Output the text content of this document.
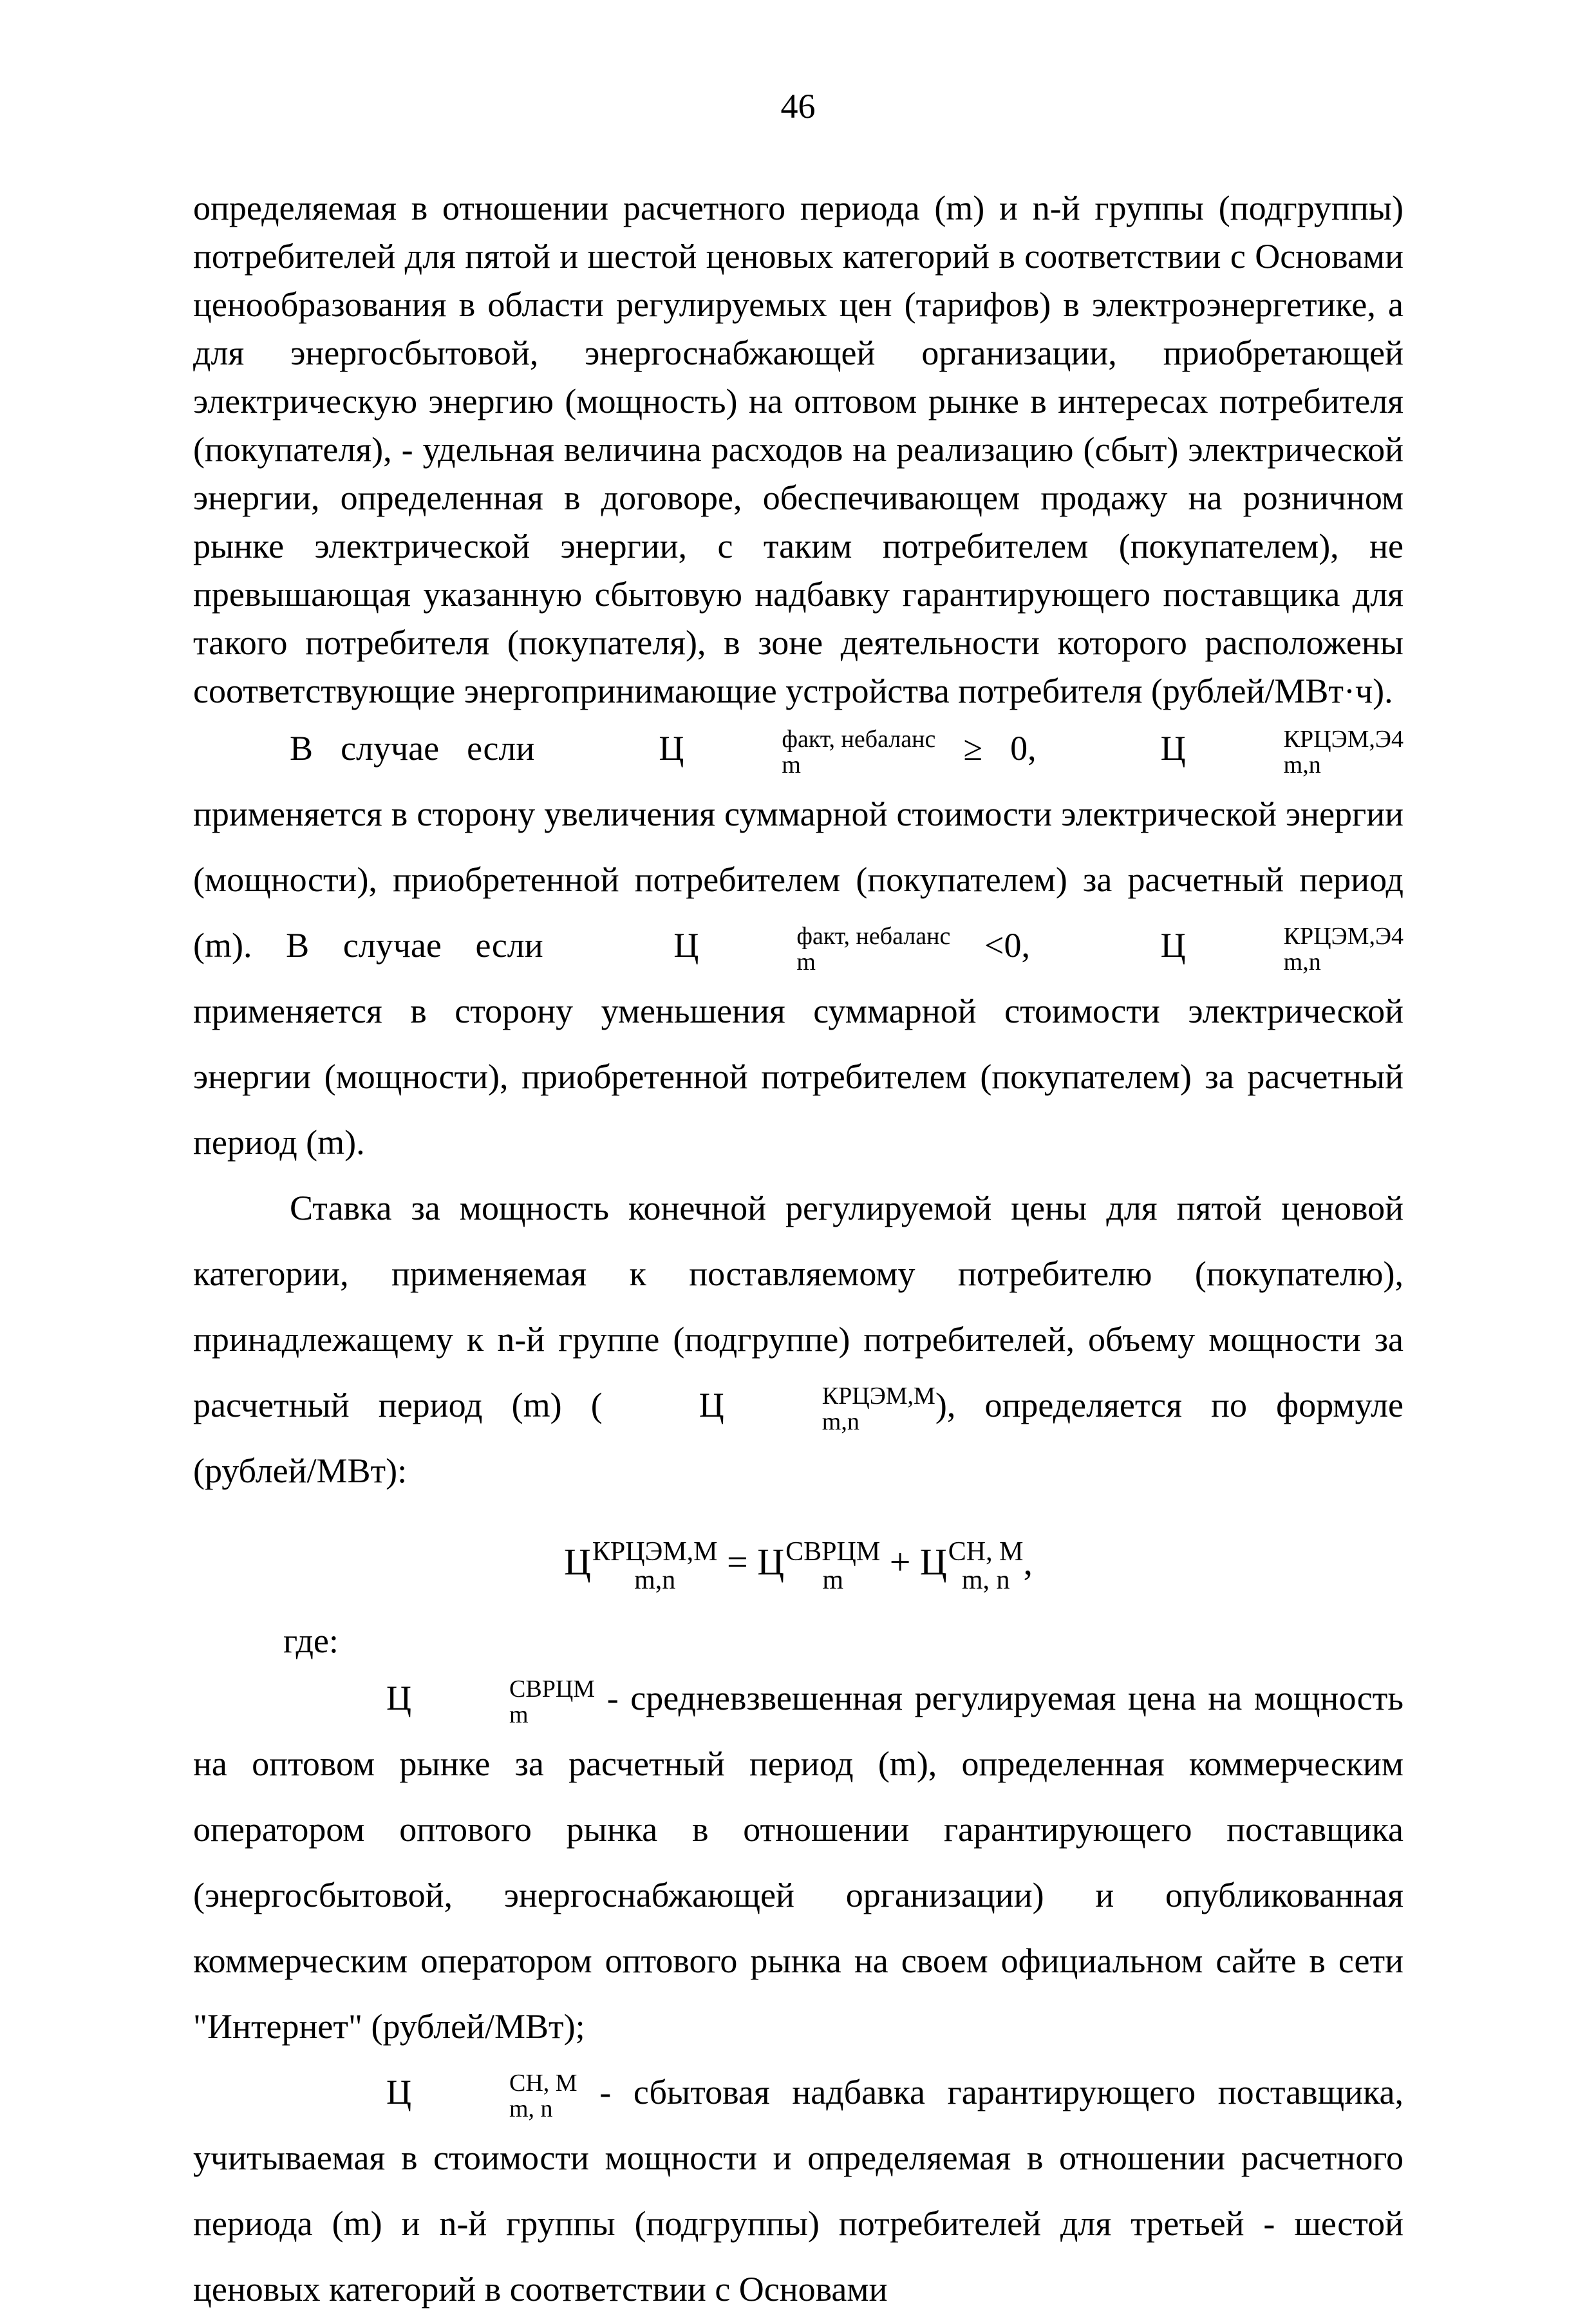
46

определяемая в отношении расчетного периода (m) и n-й группы (подгруппы) потребителей для пятой и шестой ценовых категорий в соответствии с Основами ценообразования в области регулируемых цен (тарифов) в электроэнергетике, а для энергосбытовой, энергоснабжающей организации, приобретающей электрическую энергию (мощность) на оптовом рынке в интересах потребителя (покупателя), - удельная величина расходов на реализацию (сбыт) электрической энергии, определенная в договоре, обеспечивающем продажу на розничном рынке электрической энергии, с таким потребителем (покупателем), не превышающая указанную сбытовую надбавку гарантирующего поставщика для такого потребителя (покупателя), в зоне деятельности которого расположены соответствующие энергопринимающие устройства потребителя (рублей/МВт·ч).

В случае если	Ц	факт, небаланс
m	≥ 0,	Ц	КРЦЭМ,Э4
m,n
применяется в сторону увеличения суммарной стоимости электрической энергии (мощности), приобретенной потребителем (покупателем) за расчетный период (m). В случае если	Ц	факт, небаланс
m	<0,	Ц	КРЦЭМ,Э4
m,n
применяется в сторону уменьшения суммарной стоимости электрической энергии (мощности), приобретенной потребителем (покупателем) за расчетный период (m).

Ставка за мощность конечной регулируемой цены для пятой ценовой категории, применяемая к поставляемому потребителю (покупателю), принадлежащему к n-й группе (подгруппе) потребителей, объему мощности за расчетный период (m) (	Ц	КРЦЭМ,М
m,n	), определяется по формуле (рублей/МВт):

Ц КРЦЭМ,М
m,n	= Ц СВРЦМ
m	+ Ц СН, М
m, n ,

где:

Ц	СВРЦМ
m	- средневзвешенная регулируемая цена на мощность на оптовом рынке за расчетный период (m), определенная коммерческим оператором оптового рынка в отношении гарантирующего поставщика (энергосбытовой, энергоснабжающей организации) и опубликованная коммерческим оператором оптового рынка на своем официальном сайте в сети "Интернет" (рублей/МВт);

Ц	СН, М
m, n	- сбытовая надбавка гарантирующего поставщика, учитываемая в стоимости мощности и определяемая в отношении расчетного периода (m) и n-й группы (подгруппы) потребителей для третьей - шестой ценовых категорий в соответствии с Основами
